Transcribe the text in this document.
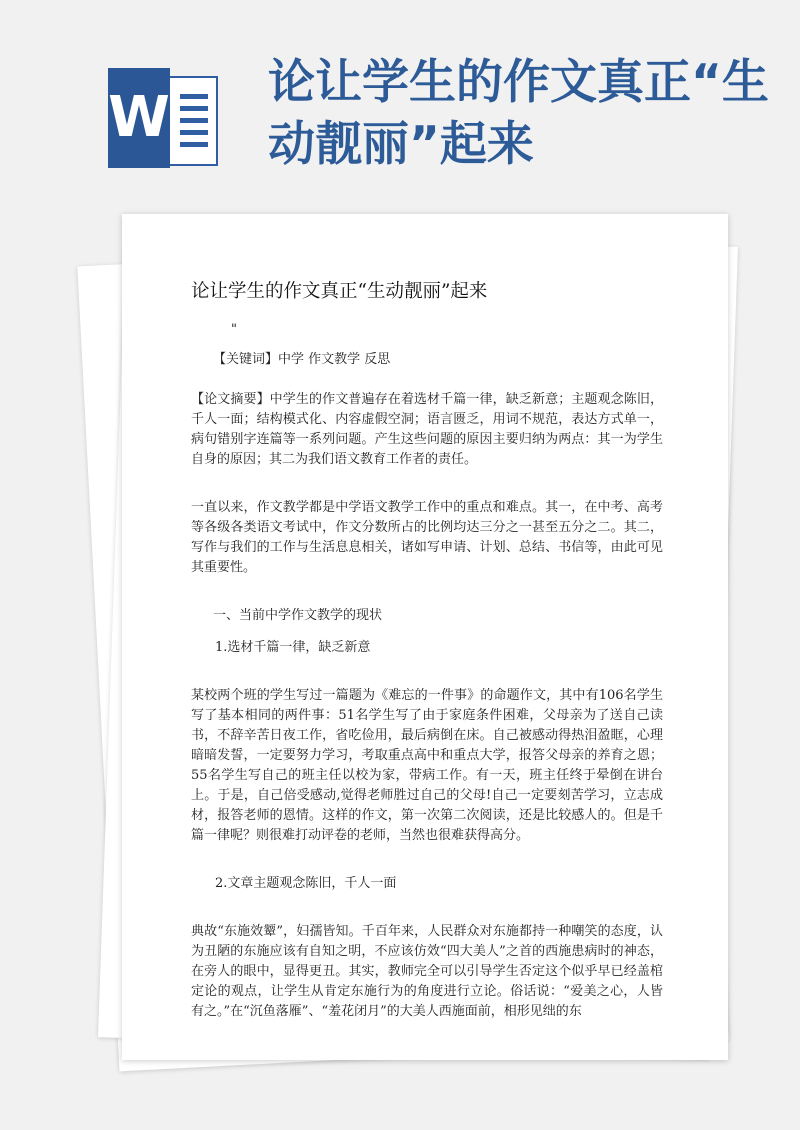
W
论让学生的作文真正“生动靓丽”起来

论让学生的作文真正“生动靓丽”起来

"

【关键词】中学 作文教学 反思

【论文摘要】中学生的作文普遍存在着选材千篇一律，缺乏新意；主题观念陈旧，千人一面；结构模式化、内容虚假空洞；语言匮乏，用词不规范，表达方式单一，病句错别字连篇等一系列问题。产生这些问题的原因主要归纳为两点：其一为学生自身的原因；其二为我们语文教育工作者的责任。

一直以来，作文教学都是中学语文教学工作中的重点和难点。其一，在中考、高考等各级各类语文考试中，作文分数所占的比例均达三分之一甚至五分之二。其二，写作与我们的工作与生活息息相关，诸如写申请、计划、总结、书信等，由此可见其重要性。

一、当前中学作文教学的现状

1.选材千篇一律，缺乏新意

某校两个班的学生写过一篇题为《难忘的一件事》的命题作文，其中有106名学生写了基本相同的两件事：51名学生写了由于家庭条件困难，父母亲为了送自己读书，不辞辛苦日夜工作，省吃俭用，最后病倒在床。自己被感动得热泪盈眶，心理暗暗发誓，一定要努力学习，考取重点高中和重点大学，报答父母亲的养育之恩；55名学生写自己的班主任以校为家，带病工作。有一天，班主任终于晕倒在讲台上。于是，自己倍受感动,觉得老师胜过自己的父母!自己一定要刻苦学习，立志成材，报答老师的恩情。这样的作文，第一次第二次阅读，还是比较感人的。但是千篇一律呢？则很难打动评卷的老师，当然也很难获得高分。

2.文章主题观念陈旧，千人一面

典故“东施效颦”，妇孺皆知。千百年来，人民群众对东施都持一种嘲笑的态度，认为丑陋的东施应该有自知之明，不应该仿效“四大美人”之首的西施患病时的神态，在旁人的眼中，显得更丑。其实，教师完全可以引导学生否定这个似乎早已经盖棺定论的观点，让学生从肯定东施行为的角度进行立论。俗话说：“爱美之心，人皆有之。”在“沉鱼落雁”、“羞花闭月”的大美人西施面前，相形见绌的东
